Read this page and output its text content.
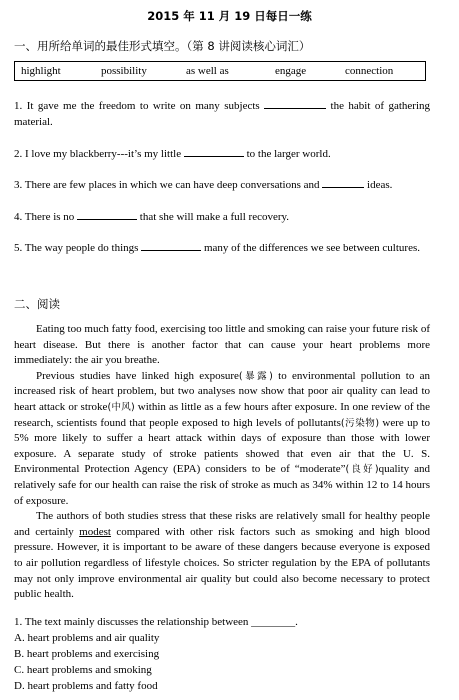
2015 年 11 月 19 日每日一练
一、用所给单词的最佳形式填空。（第 8 讲阅读核心词汇）
highlight	possibility	as well as	engage	connection
1. It gave me the freedom to write on many subjects	the habit of gathering material.
2. I love my blackberry---it’s my little	to the larger world.
3. There are few places in which we can have deep conversations and	ideas.
4. There is no	that she will make a full recovery.
5. The way people do things	many of the differences we see between cultures.
二、阅读

Eating too much fatty food, exercising too little and smoking can raise your future risk of heart disease. But there is another factor that can cause your heart problems more immediately: the air you breathe.

Previous studies have linked high exposure(暴露) to environmental pollution to an increased risk of heart problem, but two analyses now show that poor air quality can lead to heart attack or stroke(中风) within as little as a few hours after exposure. In one review of the research, scientists found that people exposed to high levels of pollutants(污染物) were up to 5% more likely to suffer a heart attack within days of exposure than those with lower exposure. A separate study of stroke patients showed that even air that the U. S. Environmental Protection Agency (EPA) considers to be of “moderate”(良好)quality and relatively safe for our health can raise the risk of stroke as much as 34% within 12 to 14 hours of exposure.

The authors of both studies stress that these risks are relatively small for healthy people and certainly modest compared with other risk factors such as smoking and high blood pressure. However, it is important to be aware of these dangers because everyone is exposed to air pollution regardless of lifestyle choices. So stricter regulation by the EPA of pollutants may not only improve environmental air quality but could also become necessary to protect public health.

1. The text mainly discusses the relationship between ________.
A. heart problems and air quality
B. heart problems and exercising
C. heart problems and smoking
D. heart problems and fatty food
